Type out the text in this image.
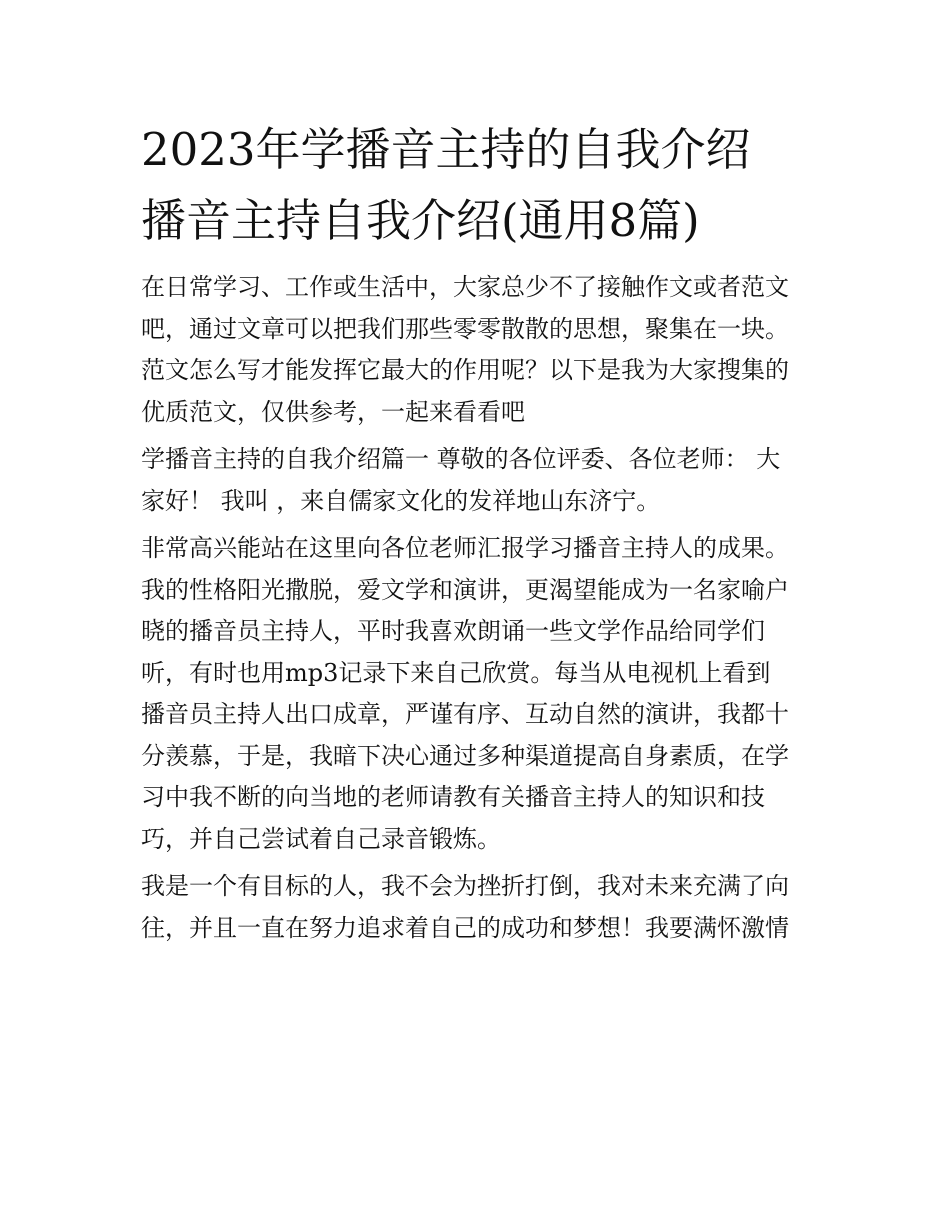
2023年学播音主持的自我介绍
播音主持自我介绍(通用8篇)

在日常学习、工作或生活中，大家总少不了接触作文或者范文
吧，通过文章可以把我们那些零零散散的思想，聚集在一块。
范文怎么写才能发挥它最大的作用呢？以下是我为大家搜集的
优质范文，仅供参考，一起来看看吧

学播音主持的自我介绍篇一 尊敬的各位评委、各位老师： 大
家好！ 我叫 ，来自儒家文化的发祥地山东济宁。

非常高兴能站在这里向各位老师汇报学习播音主持人的成果。
我的性格阳光撒脱，爱文学和演讲，更渴望能成为一名家喻户
晓的播音员主持人，平时我喜欢朗诵一些文学作品给同学们
听，有时也用mp3记录下来自己欣赏。每当从电视机上看到
播音员主持人出口成章，严谨有序、互动自然的演讲，我都十
分羡慕，于是，我暗下决心通过多种渠道提高自身素质，在学
习中我不断的向当地的老师请教有关播音主持人的知识和技
巧，并自己尝试着自己录音锻炼。

我是一个有目标的人，我不会为挫折打倒，我对未来充满了向
往，并且一直在努力追求着自己的成功和梦想！我要满怀激情
